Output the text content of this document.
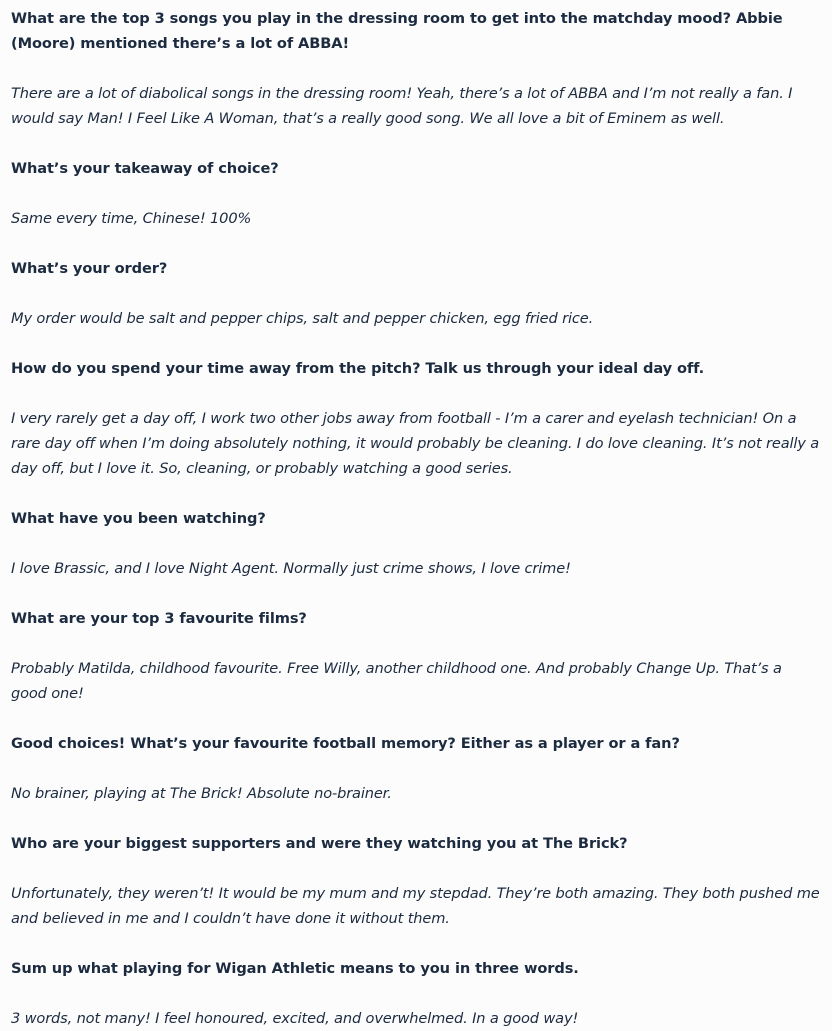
What are the top 3 songs you play in the dressing room to get into the matchday mood? Abbie (Moore) mentioned there’s a lot of ABBA!

There are a lot of diabolical songs in the dressing room! Yeah, there’s a lot of ABBA and I’m not really a fan. I would say Man! I Feel Like A Woman, that’s a really good song. We all love a bit of Eminem as well.

What’s your takeaway of choice?

Same every time, Chinese! 100%

What’s your order?

My order would be salt and pepper chips, salt and pepper chicken, egg fried rice.

How do you spend your time away from the pitch? Talk us through your ideal day off.

I very rarely get a day off, I work two other jobs away from football - I’m a carer and eyelash technician! On a rare day off when I’m doing absolutely nothing, it would probably be cleaning. I do love cleaning. It’s not really a day off, but I love it. So, cleaning, or probably watching a good series.

What have you been watching?

I love Brassic, and I love Night Agent. Normally just crime shows, I love crime!

What are your top 3 favourite films?

Probably Matilda, childhood favourite. Free Willy, another childhood one. And probably Change Up. That’s a good one!

Good choices! What’s your favourite football memory? Either as a player or a fan?

No brainer, playing at The Brick! Absolute no-brainer.

Who are your biggest supporters and were they watching you at The Brick?

Unfortunately, they weren’t! It would be my mum and my stepdad. They’re both amazing. They both pushed me and believed in me and I couldn’t have done it without them.

Sum up what playing for Wigan Athletic means to you in three words.

3 words, not many! I feel honoured, excited, and overwhelmed. In a good way!
